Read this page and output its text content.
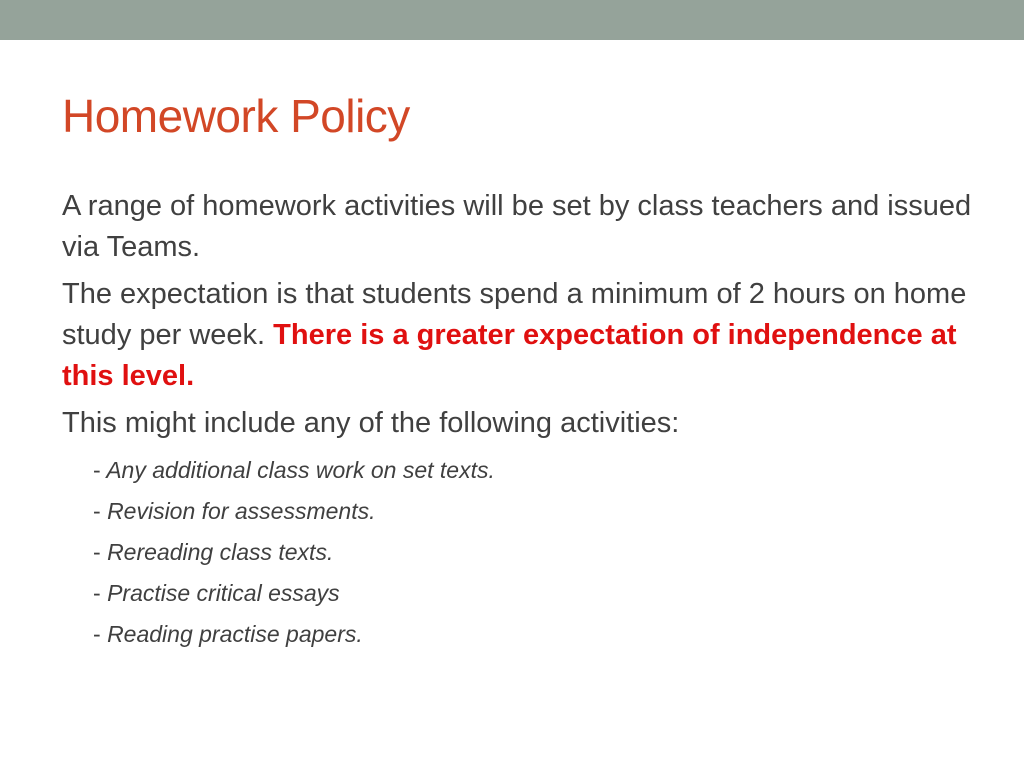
Homework Policy

A range of homework activities will be set by class teachers and issued via Teams.

The expectation is that students spend a minimum of 2 hours on home study per week. There is a greater expectation of independence at this level.

This might include any of the following activities:

- Any additional class work on set texts.
- Revision for assessments.
- Rereading class texts.
- Practise critical essays
- Reading practise papers.
